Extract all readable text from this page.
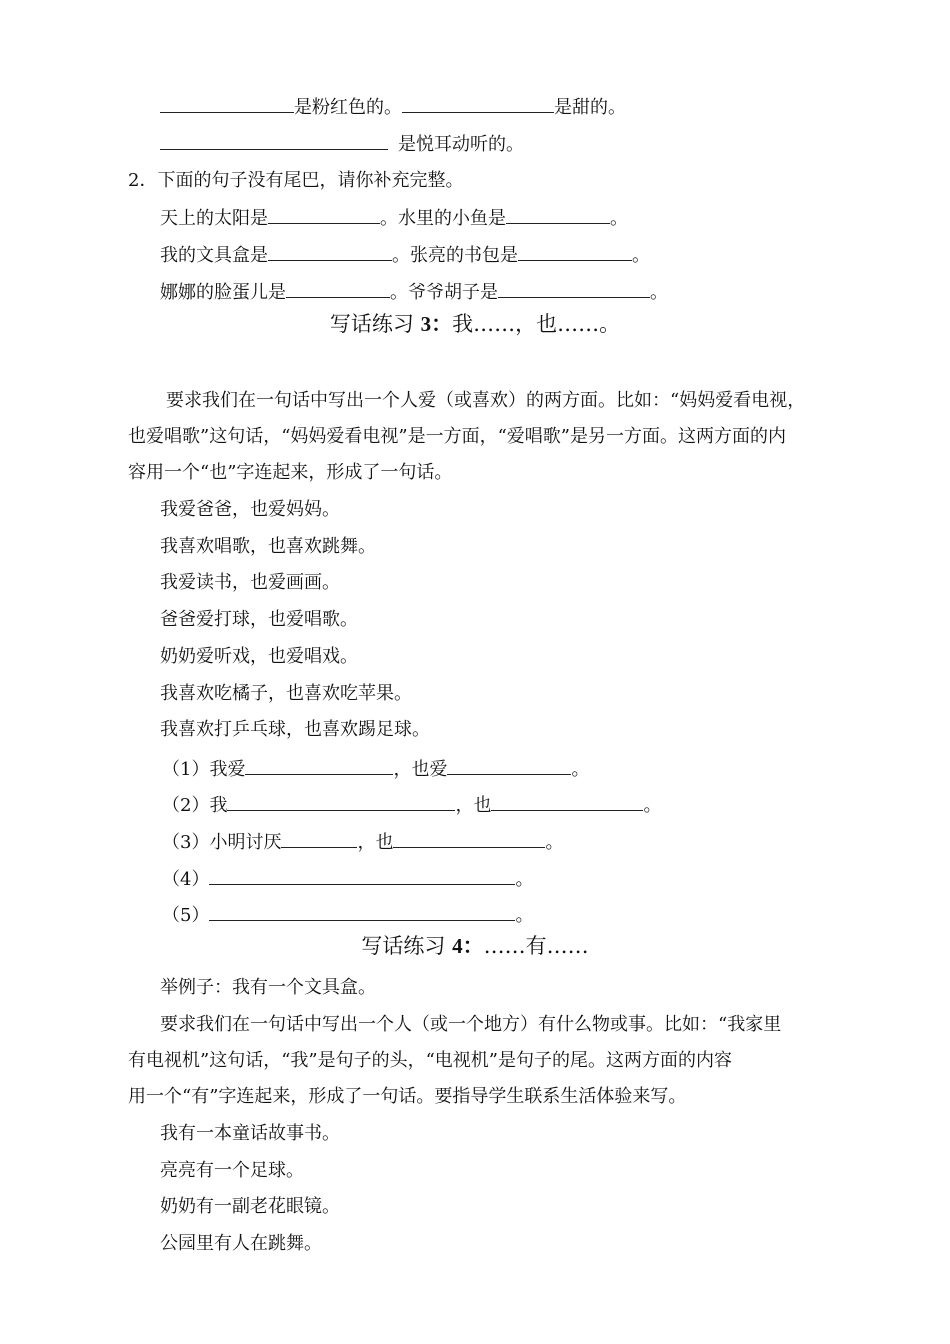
是粉红色的。	是甜的。
是悦耳动听的。
2．下面的句子没有尾巴，请你补充完整。
天上的太阳是	。水里的小鱼是	。
我的文具盒是	。张亮的书包是	。
娜娜的脸蛋儿是	。爷爷胡子是	。
写话练习 3：我……，也……。
要求我们在一句话中写出一个人爱（或喜欢）的两方面。比如：“妈妈爱看电视，
也爱唱歌”这句话，“妈妈爱看电视”是一方面，“爱唱歌”是另一方面。这两方面的内
容用一个“也”字连起来，形成了一句话。
我爱爸爸，也爱妈妈。
我喜欢唱歌，也喜欢跳舞。
我爱读书，也爱画画。
爸爸爱打球，也爱唱歌。
奶奶爱听戏，也爱唱戏。
我喜欢吃橘子，也喜欢吃苹果。
我喜欢打乒乓球，也喜欢踢足球。
（1）我爱	，也爱	。
（2）我	，也	。
（3）小明讨厌	，也	。
（4）	。
（5）	。
写话练习 4：……有……
举例子：我有一个文具盒。
要求我们在一句话中写出一个人（或一个地方）有什么物或事。比如：“我家里
有电视机”这句话，“我”是句子的头，“电视机”是句子的尾。这两方面的内容
用一个“有”字连起来，形成了一句话。要指导学生联系生活体验来写。
我有一本童话故事书。
亮亮有一个足球。
奶奶有一副老花眼镜。
公园里有人在跳舞。
